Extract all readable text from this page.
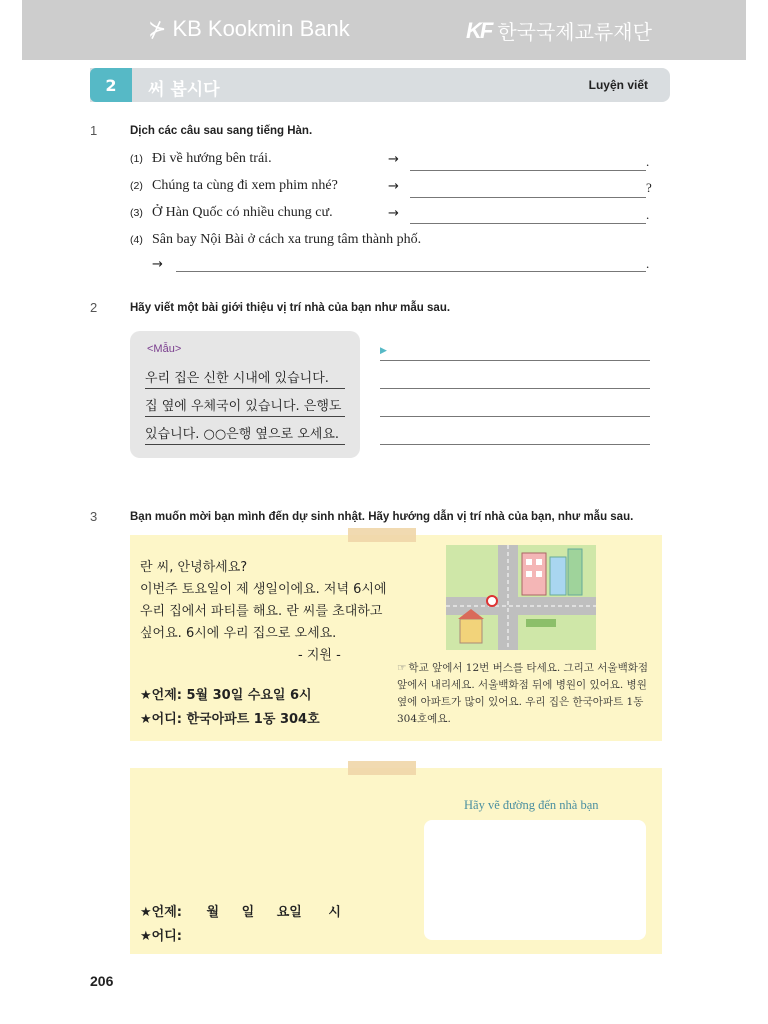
⊁ KB Kookmin Bank	KF 한국국제교류재단
2	써 봅시다	Luyện viết
1	Dịch các câu sau sang tiếng Hàn.
(1) Đi về hướng bên trái.	→	.
(2) Chúng ta cùng đi xem phim nhé?	→	?
(3) Ở Hàn Quốc có nhiều chung cư.	→	.
(4) Sân bay Nội Bài ở cách xa trung tâm thành phố.
→	.
2	Hãy viết một bài giới thiệu vị trí nhà của bạn như mẫu sau.
<Mẫu>
우리 집은 신한 시내에 있습니다.
집 옆에 우체국이 있습니다. 은행도
있습니다. ○○은행 옆으로 오세요.
▶
3	Bạn muốn mời bạn mình đến dự sinh nhật. Hãy hướng dẫn vị trí nhà của bạn, như mẫu sau.
란 씨, 안녕하세요?
이번주 토요일이 제 생일이에요. 저녁 6시에
우리 집에서 파티를 해요. 란 씨를 초대하고
싶어요. 6시에 우리 집으로 오세요.
- 지원 -
★언제: 5월 30일 수요일 6시
★어디: 한국아파트 1동 304호
☞ 학교 앞에서 12번 버스를 타세요. 그리고 서울백화점 앞에서 내리세요. 서울백화점 뒤에 병원이 있어요. 병원 옆에 아파트가 많이 있어요. 우리 집은 한국아파트 1동 304호예요.
Hãy vẽ đường đến nhà bạn
★언제: 월 일 요일 시
★어디:
206
